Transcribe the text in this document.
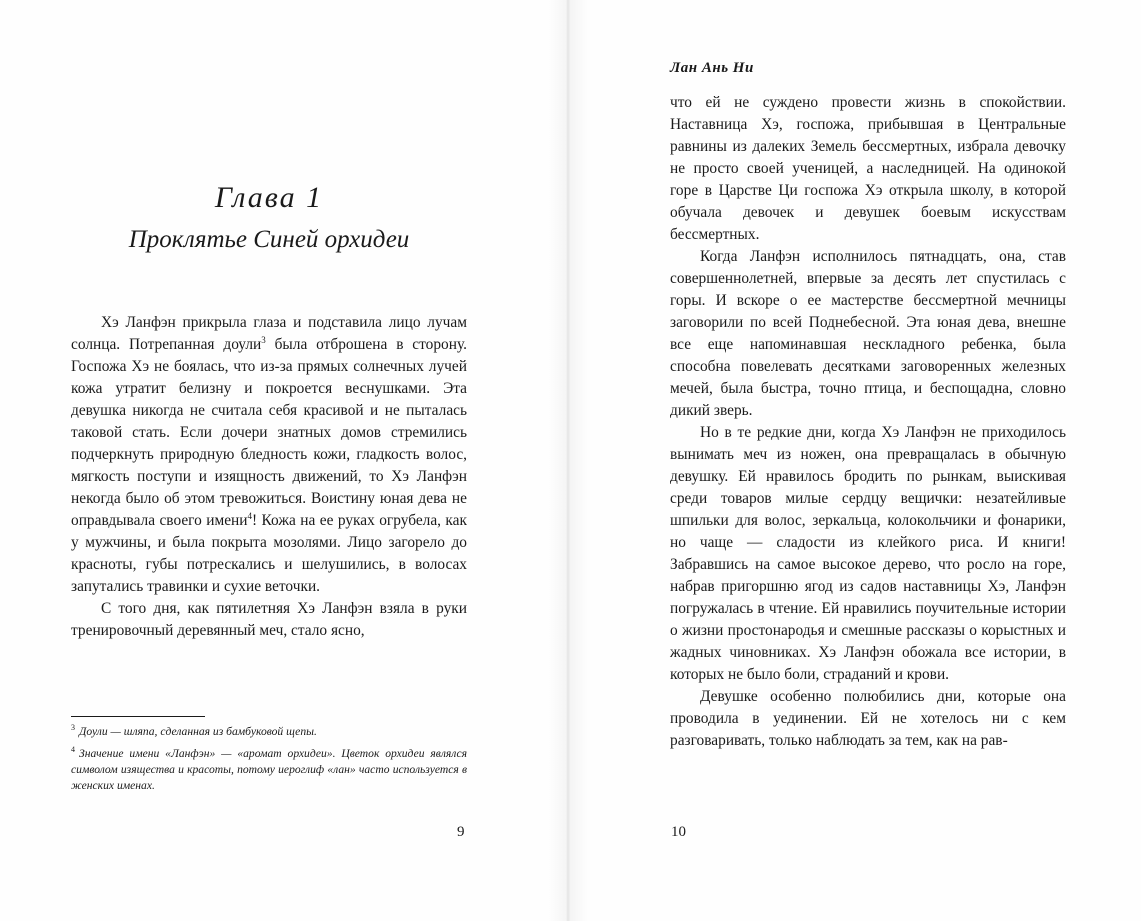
Глава 1
Проклятье Синей орхидеи

Хэ Ланфэн прикрыла глаза и подставила лицо лучам солнца. Потрепанная доули$^3$ была отброшена в сторону. Госпожа Хэ не боялась, что из-за прямых солнечных лучей кожа утратит белизну и покроется веснушками. Эта девушка никогда не считала себя красивой и не пыталась таковой стать. Если дочери знатных домов стремились подчеркнуть природную бледность кожи, гладкость волос, мягкость поступи и изящность движений, то Хэ Ланфэн некогда было об этом тревожиться. Воистину юная дева не оправдывала своего имени$^4$! Кожа на ее руках огрубела, как у мужчины, и была покрыта мозолями. Лицо загорело до красноты, губы потрескались и шелушились, в волосах запутались травинки и сухие веточки.

С того дня, как пятилетняя Хэ Ланфэн взяла в руки тренировочный деревянный меч, стало ясно,

$^3$ Доули — шляпа, сделанная из бамбуковой щепы.

$^4$ Значение имени «Ланфэн» — «аромат орхидеи». Цветок орхидеи являлся символом изящества и красоты, потому иероглиф «лан» часто используется в женских именах.

9
Лан Ань Ни

что ей не суждено провести жизнь в спокойствии. Наставница Хэ, госпожа, прибывшая в Центральные равнины из далеких Земель бессмертных, избрала девочку не просто своей ученицей, а наследницей. На одинокой горе в Царстве Ци госпожа Хэ открыла школу, в которой обучала девочек и девушек боевым искусствам бессмертных.

Когда Ланфэн исполнилось пятнадцать, она, став совершеннолетней, впервые за десять лет спустилась с горы. И вскоре о ее мастерстве бессмертной мечницы заговорили по всей Поднебесной. Эта юная дева, внешне все еще напоминавшая нескладного ребенка, была способна повелевать десятками заговоренных железных мечей, была быстра, точно птица, и беспощадна, словно дикий зверь.

Но в те редкие дни, когда Хэ Ланфэн не приходилось вынимать меч из ножен, она превращалась в обычную девушку. Ей нравилось бродить по рынкам, выискивая среди товаров милые сердцу вещички: незатейливые шпильки для волос, зеркальца, колокольчики и фонарики, но чаще — сладости из клейкого риса. И книги! Забравшись на самое высокое дерево, что росло на горе, набрав пригоршню ягод из садов наставницы Хэ, Ланфэн погружалась в чтение. Ей нравились поучительные истории о жизни простонародья и смешные рассказы о корыстных и жадных чиновниках. Хэ Ланфэн обожала все истории, в которых не было боли, страданий и крови.

Девушке особенно полюбились дни, которые она проводила в уединении. Ей не хотелось ни с кем разговаривать, только наблюдать за тем, как на рав-

10
